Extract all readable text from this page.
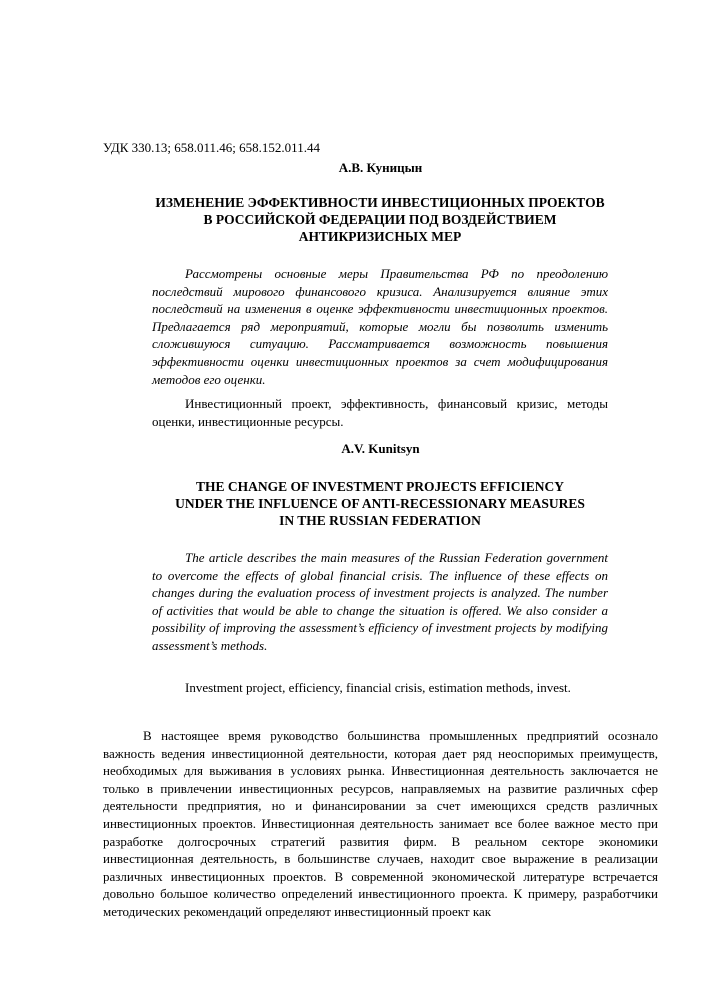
УДК 330.13; 658.011.46; 658.152.011.44
А.В. Куницын
ИЗМЕНЕНИЕ ЭФФЕКТИВНОСТИ ИНВЕСТИЦИОННЫХ ПРОЕКТОВ
В РОССИЙСКОЙ ФЕДЕРАЦИИ ПОД ВОЗДЕЙСТВИЕМ
АНТИКРИЗИСНЫХ МЕР

Рассмотрены основные меры Правительства РФ по преодолению последствий мирового финансового кризиса. Анализируется влияние этих последствий на изменения в оценке эффективности инвестиционных проектов. Предлагается ряд мероприятий, которые могли бы позволить изменить сложившуюся ситуацию. Рассматривается возможность повышения эффективности оценки инвестиционных проектов за счет модифицирования методов его оценки.

Инвестиционный проект, эффективность, финансовый кризис, методы оценки, инвестиционные ресурсы.

A.V. Kunitsyn
THE CHANGE OF INVESTMENT PROJECTS EFFICIENCY
UNDER THE INFLUENCE OF ANTI-RECESSIONARY MEASURES
IN THE RUSSIAN FEDERATION

The article describes the main measures of the Russian Federation government to overcome the effects of global financial crisis. The influence of these effects on changes during the evaluation process of investment projects is analyzed. The number of activities that would be able to change the situation is offered. We also consider a possibility of improving the assessment’s efficiency of investment projects by modifying assessment’s methods.

Investment project, efficiency, financial crisis, estimation methods, invest.

В настоящее время руководство большинства промышленных предприятий осознало важность ведения инвестиционной деятельности, которая дает ряд неоспоримых преимуществ, необходимых для выживания в условиях рынка. Инвестиционная деятельность заключается не только в привлечении инвестиционных ресурсов, направляемых на развитие различных сфер деятельности предприятия, но и финансировании за счет имеющихся средств различных инвестиционных проектов. Инвестиционная деятельность занимает все более важное место при разработке долгосрочных стратегий развития фирм. В реальном секторе экономики инвестиционная деятельность, в большинстве случаев, находит свое выражение в реализации различных инвестиционных проектов. В современной экономической литературе встречается довольно большое количество определений инвестиционного проекта. К примеру, разработчики методических рекомендаций определяют инвестиционный проект как
